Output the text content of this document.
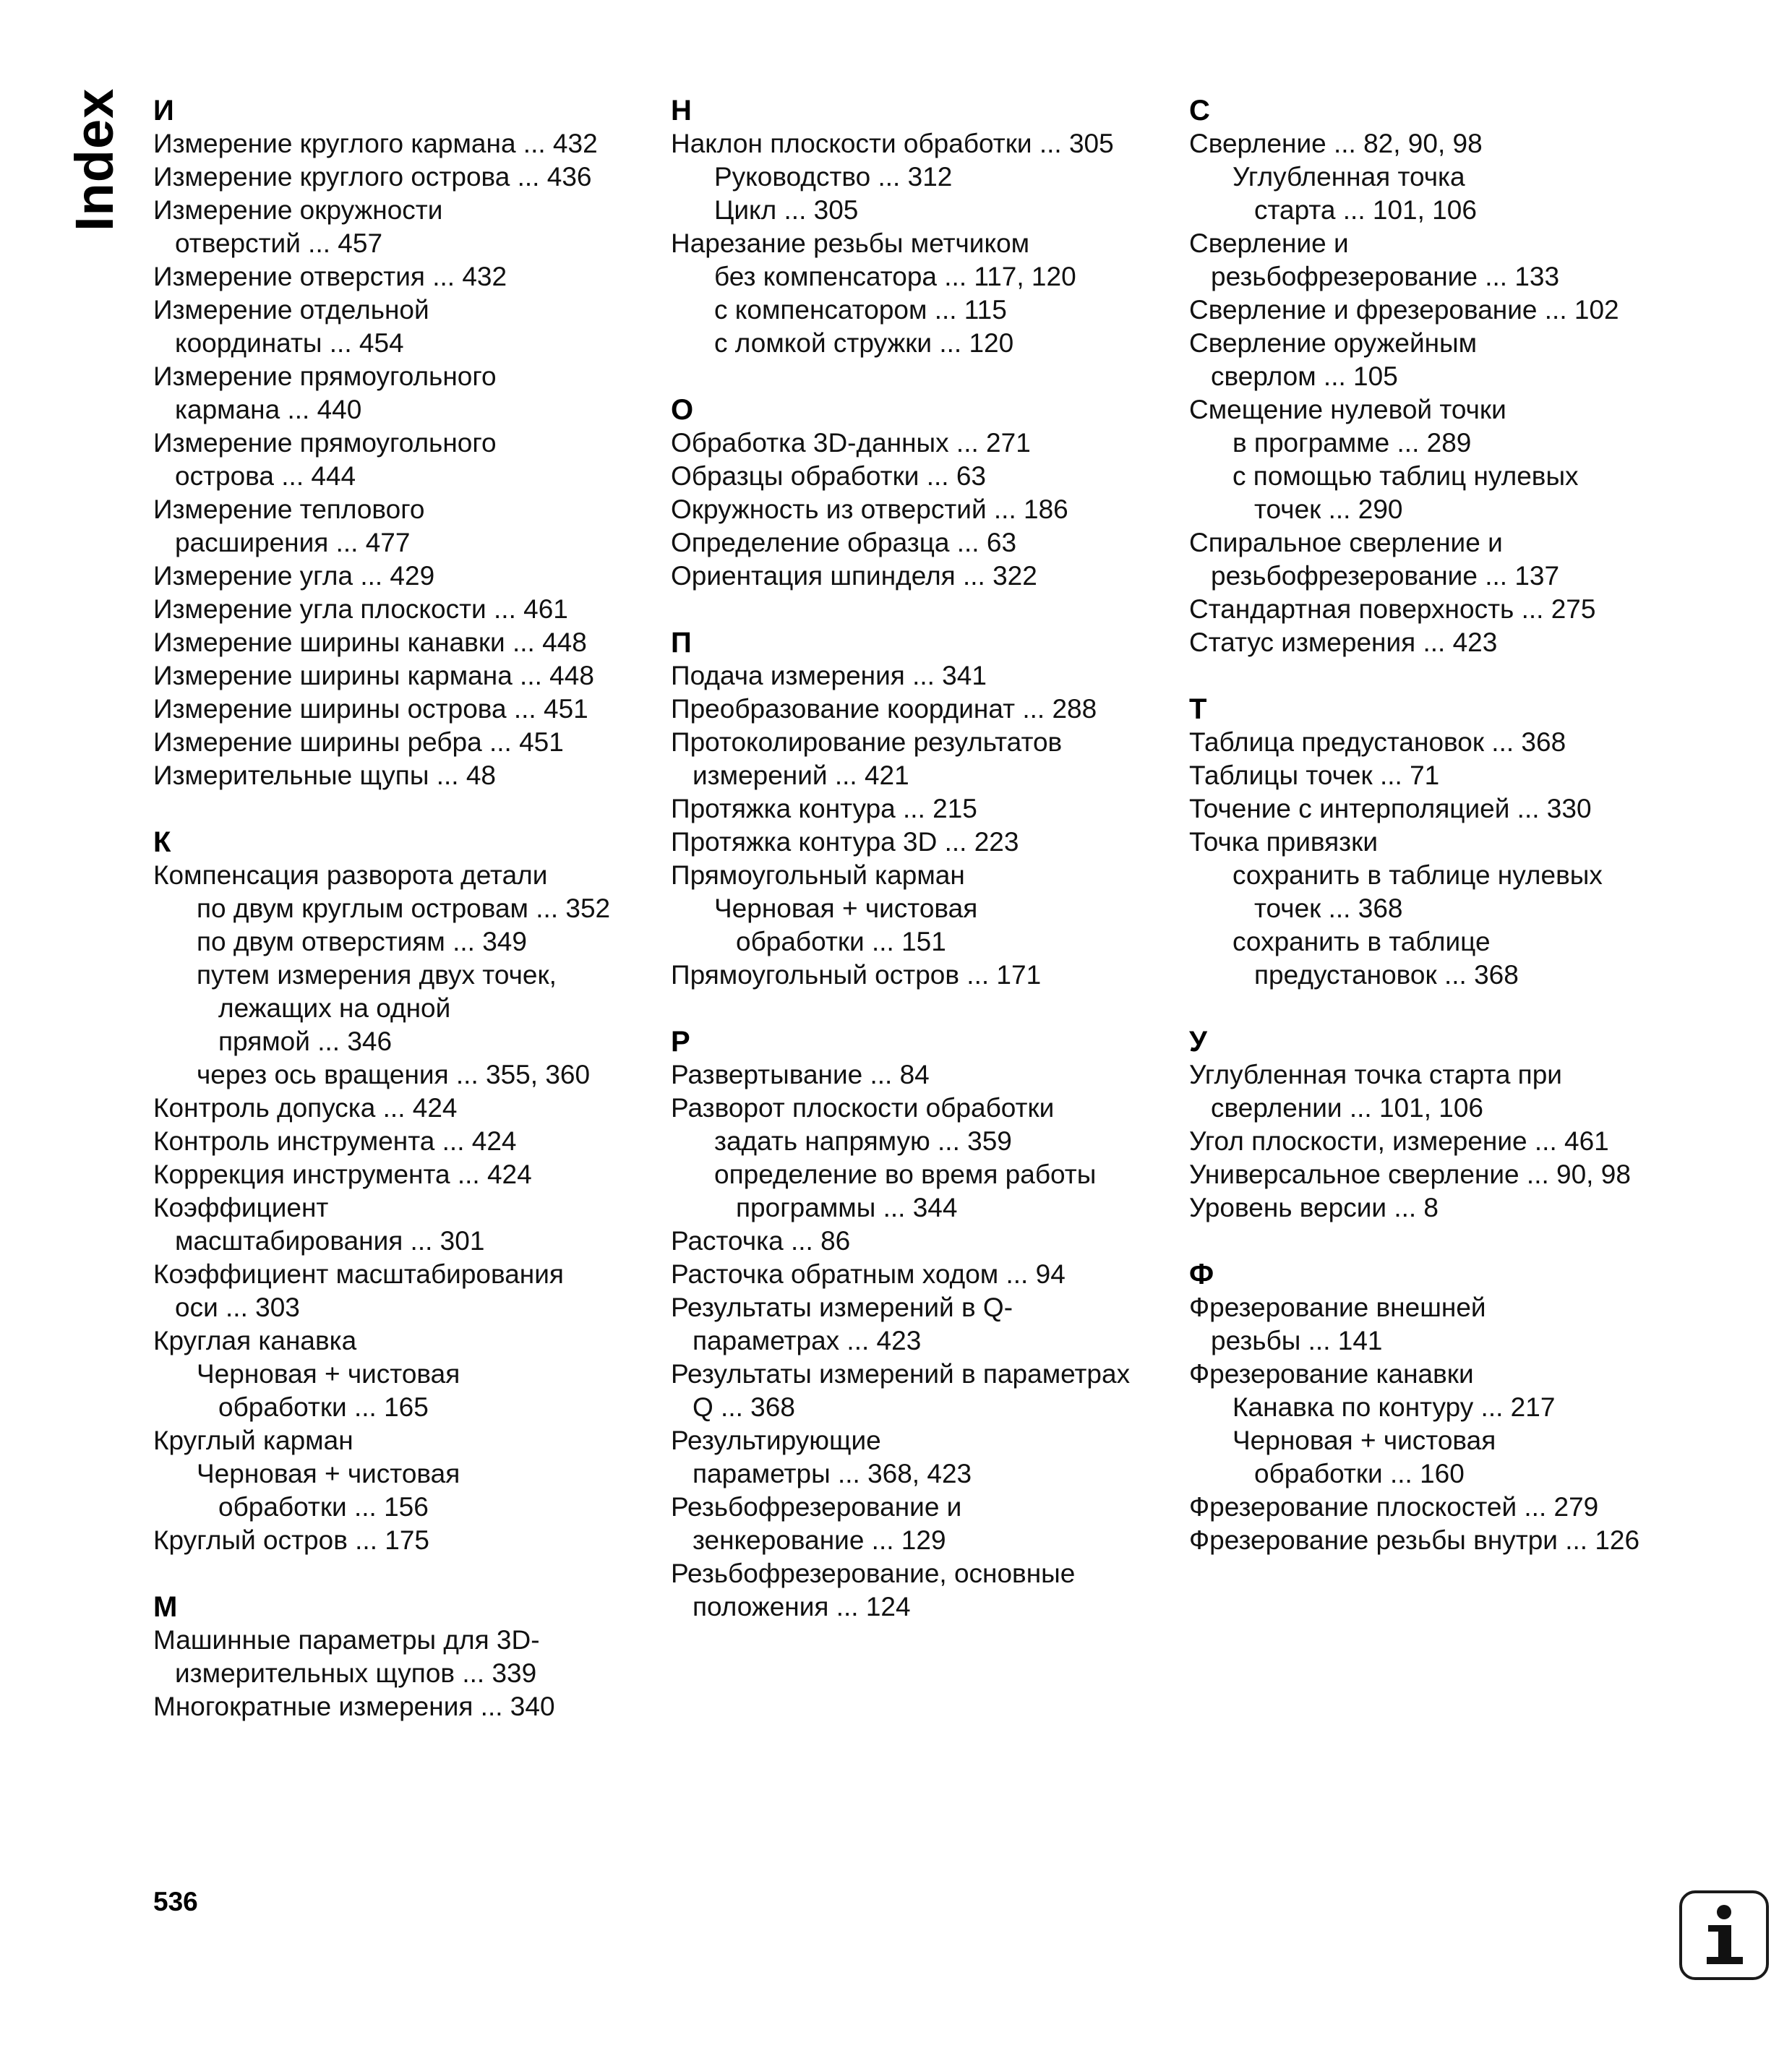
Index И
Измерение круглого кармана ... 432
Измерение круглого острова ... 436
Измерение окружности
отверстий ... 457
Измерение отверстия ... 432
Измерение отдельной
координаты ... 454
Измерение прямоугольного
кармана ... 440
Измерение прямоугольного
острова ... 444
Измерение теплового
расширения ... 477
Измерение угла ... 429
Измерение угла плоскости ... 461
Измерение ширины канавки ... 448
Измерение ширины кармана ... 448
Измерение ширины острова ... 451
Измерение ширины ребра ... 451
Измерительные щупы ... 48
К
Компенсация разворота детали
по двум круглым островам ... 352
по двум отверстиям ... 349
путем измерения двух точек,
лежащих на одной
прямой ... 346
через ось вращения ... 355, 360
Контроль допуска ... 424
Контроль инструмента ... 424
Коррекция инструмента ... 424
Коэффициент
масштабирования ... 301
Коэффициент масштабирования
оси ... 303
Круглая канавка
Черновая + чистовая
обработки ... 165
Круглый карман
Черновая + чистовая
обработки ... 156
Круглый остров ... 175
М
Машинные параметры для 3D-
измерительных щупов ... 339
Многократные измерения ... 340
Н
Наклон плоскости обработки ... 305
Руководство ... 312
Цикл ... 305
Нарезание резьбы метчиком
без компенсатора ... 117, 120
с компенсатором ... 115
с ломкой стружки ... 120
О
Обработка 3D-данных ... 271
Образцы обработки ... 63
Окружность из отверстий ... 186
Определение образца ... 63
Ориентация шпинделя ... 322
П
Подача измерения ... 341
Преобразование координат ... 288
Протоколирование результатов
измерений ... 421
Протяжка контура ... 215
Протяжка контура 3D ... 223
Прямоугольный карман
Черновая + чистовая
обработки ... 151
Прямоугольный остров ... 171
Р
Развертывание ... 84
Разворот плоскости обработки
задать напрямую ... 359
определение во время работы
программы ... 344
Расточка ... 86
Расточка обратным ходом ... 94
Результаты измерений в Q-
параметрах ... 423
Результаты измерений в параметрах
Q ... 368
Результирующие
параметры ... 368, 423
Резьбофрезерование и
зенкерование ... 129
Резьбофрезерование, основные
положения ... 124
С
Сверление ... 82, 90, 98
Углубленная точка
старта ... 101, 106
Сверление и
резьбофрезерование ... 133
Сверление и фрезерование ... 102
Сверление оружейным
сверлом ... 105
Смещение нулевой точки
в программе ... 289
с помощью таблиц нулевых
точек ... 290
Спиральное сверление и
резьбофрезерование ... 137
Стандартная поверхность ... 275
Статус измерения ... 423
Т
Таблица предустановок ... 368
Таблицы точек ... 71
Точение с интерполяцией ... 330
Точка привязки
сохранить в таблице нулевых
точек ... 368
сохранить в таблице
предустановок ... 368
У
Углубленная точка старта при
сверлении ... 101, 106
Угол плоскости, измерение ... 461
Универсальное сверление ... 90, 98
Уровень версии ... 8
Ф
Фрезерование внешней
резьбы ... 141
Фрезерование канавки
Канавка по контуру ... 217
Черновая + чистовая
обработки ... 160
Фрезерование плоскостей ... 279
Фрезерование резьбы внутри ... 126
536
